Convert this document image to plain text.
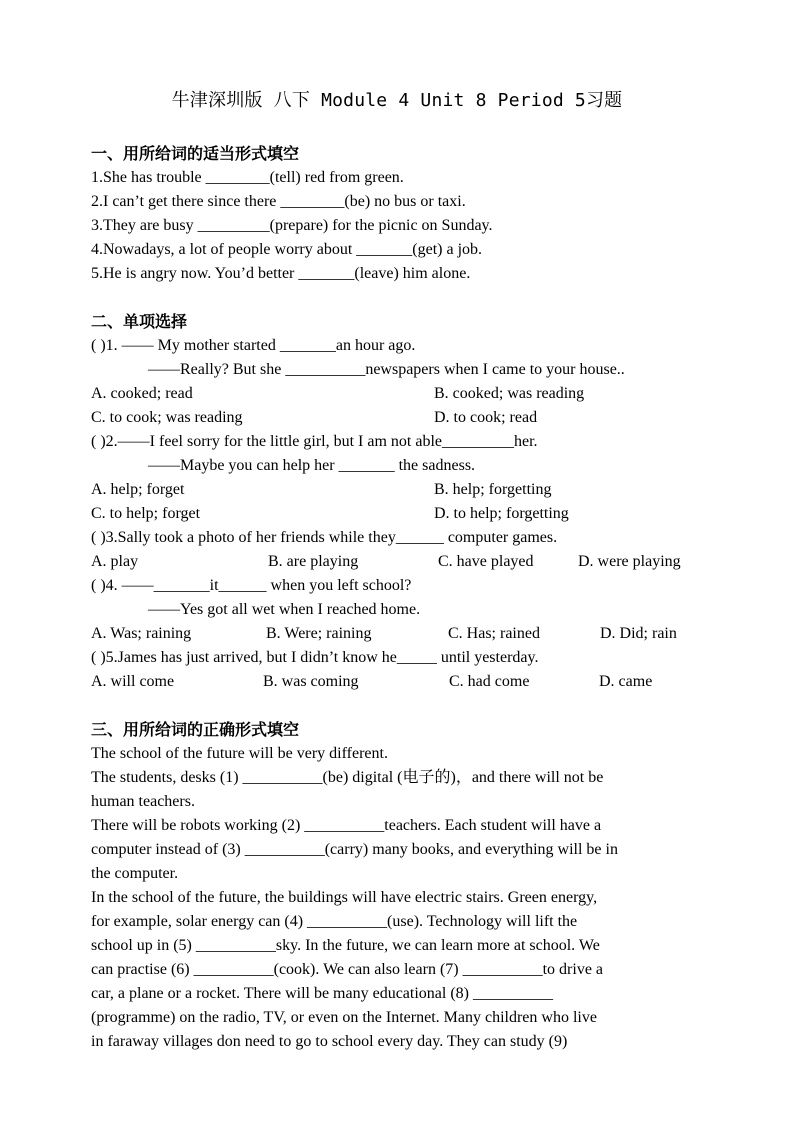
牛津深圳版 八下 Module 4 Unit 8 Period 5习题
一、用所给词的适当形式填空
1.She has trouble ________(tell) red from green.
2.I can’t get there since there ________(be) no bus or taxi.
3.They are busy _________(prepare) for the picnic on Sunday.
4.Nowadays, a lot of people worry about _______(get) a job.
5.He is angry now. You’d better _______(leave) him alone.
二、单项选择
( )1. —— My mother started _______an hour ago.
——Really? But she __________newspapers when I came to your house..
A. cooked; read	B. cooked; was reading
C. to cook; was reading	D. to cook; read
( )2.——I feel sorry for the little girl, but I am not able_________her.
——Maybe you can help her _______ the sadness.
A. help; forget	B. help; forgetting
C. to help; forget	D. to help; forgetting
( )3.Sally took a photo of her friends while they______ computer games.
A. play	B. are playing	C. have played	D. were playing
( )4. ——_______it______ when you left school?
——Yes got all wet when I reached home.
A. Was; raining	B. Were; raining	C. Has; rained	D. Did; rain
( )5.James has just arrived, but I didn’t know he_____ until yesterday.
A. will come	B. was coming	C. had come	D. came
三、用所给词的正确形式填空
The school of the future will be very different.
The students, desks (1) __________(be) digital (电子的)，and there will not be
human teachers.
There will be robots working (2) __________teachers. Each student will have a
computer instead of (3) __________(carry) many books, and everything will be in
the computer.
In the school of the future, the buildings will have electric stairs. Green energy,
for example, solar energy can (4) __________(use). Technology will lift the
school up in (5) __________sky. In the future, we can learn more at school. We
can practise (6) __________(cook). We can also learn (7) __________to drive a
car, a plane or a rocket. There will be many educational (8) __________
(programme) on the radio, TV, or even on the Internet. Many children who live
in faraway villages don need to go to school every day. They can study (9)
